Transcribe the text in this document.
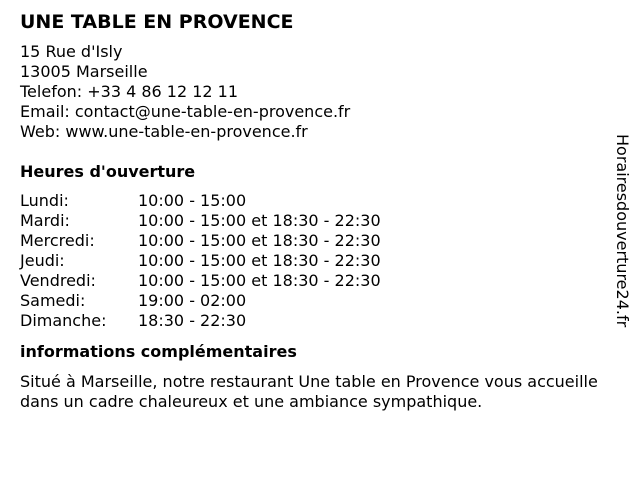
UNE TABLE EN PROVENCE
15 Rue d'Isly
13005 Marseille
Telefon: +33 4 86 12 12 11
Email: contact@une-table-en-provence.fr
Web: www.une-table-en-provence.fr
Heures d'ouverture
Lundi:	10:00 - 15:00
Mardi:	10:00 - 15:00 et 18:30 - 22:30
Mercredi:	10:00 - 15:00 et 18:30 - 22:30
Jeudi:	10:00 - 15:00 et 18:30 - 22:30
Vendredi:	10:00 - 15:00 et 18:30 - 22:30
Samedi:	19:00 - 02:00
Dimanche:	18:30 - 22:30
informations complémentaires
Situé à Marseille, notre restaurant Une table en Provence vous accueille dans un cadre chaleureux et une ambiance sympathique.
Horairesdouverture24.fr
